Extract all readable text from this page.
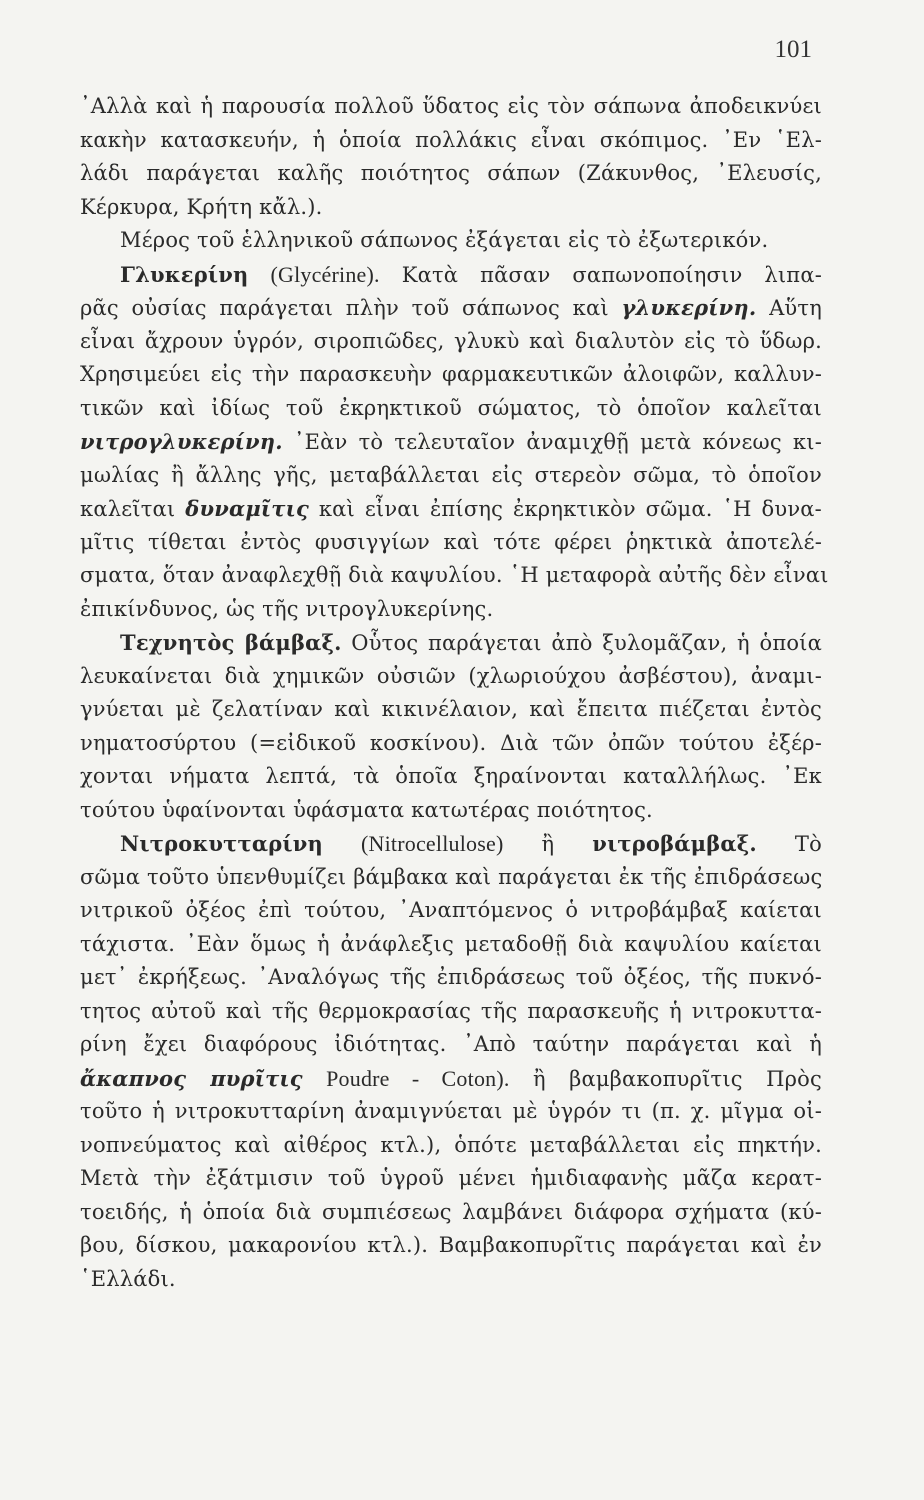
101
᾿Αλλὰ καὶ ἡ παρουσία πολλοῦ ὕδατος εἰς τὸν σάπωνα ἀποδεικνύει
κακὴν κατασκευήν, ἡ ὁποία πολλάκις εἶναι σκόπιμος. ᾿Εν ῾Ελ-
λάδι παράγεται καλῆς ποιότητος σάπων (Ζάκυνθος, ᾿Ελευσίς,
Κέρκυρα, Κρήτη κἄλ.).
Μέρος τοῦ ἑλληνικοῦ σάπωνος ἐξάγεται εἰς τὸ ἐξωτερικόν.
Γλυκερίνη (Glycérine). Κατὰ πᾶσαν σαπωνοποίησιν λιπα-
ρᾶς οὐσίας παράγεται πλὴν τοῦ σάπωνος καὶ γλυκερίνη. Αὕτη
εἶναι ἄχρουν ὑγρόν, σιροπιῶδες, γλυκὺ καὶ διαλυτὸν εἰς τὸ ὕδωρ.
Χρησιμεύει εἰς τὴν παρασκευὴν φαρμακευτικῶν ἀλοιφῶν, καλλυν-
τικῶν καὶ ἰδίως τοῦ ἐκρηκτικοῦ σώματος, τὸ ὁποῖον καλεῖται
νιτρογλυκερίνη. ᾿Εὰν τὸ τελευταῖον ἀναμιχθῇ μετὰ κόνεως κι-
μωλίας ἢ ἄλλης γῆς, μεταβάλλεται εἰς στερεὸν σῶμα, τὸ ὁποῖον
καλεῖται δυναμῖτις καὶ εἶναι ἐπίσης ἐκρηκτικὸν σῶμα. ῾Η δυνα-
μῖτις τίθεται ἐντὸς φυσιγγίων καὶ τότε φέρει ῥηκτικὰ ἀποτελέ-
σματα, ὅταν ἀναφλεχθῇ διὰ καψυλίου. ῾Η μεταφορὰ αὐτῆς δὲν εἶναι
ἐπικίνδυνος, ὡς τῆς νιτρογλυκερίνης.
Τεχνητὸς βάμβαξ. Οὗτος παράγεται ἀπὸ ξυλομᾶζαν, ἡ ὁποία
λευκαίνεται διὰ χημικῶν οὐσιῶν (χλωριούχου ἀσβέστου), ἀναμι-
γνύεται μὲ ζελατίναν καὶ κικινέλαιον, καὶ ἔπειτα πιέζεται ἐντὸς
νηματοσύρτου (=εἰδικοῦ κοσκίνου). Διὰ τῶν ὀπῶν τούτου ἐξέρ-
χονται νήματα λεπτά, τὰ ὁποῖα ξηραίνονται καταλλήλως. ᾿Εκ
τούτου ὑφαίνονται ὑφάσματα κατωτέρας ποιότητος.
Νιτροκυτταρίνη (Nitrocellulose) ἢ νιτροβάμβαξ. Τὸ
σῶμα τοῦτο ὑπενθυμίζει βάμβακα καὶ παράγεται ἐκ τῆς ἐπιδράσεως
νιτρικοῦ ὀξέος ἐπὶ τούτου, ᾿Αναπτόμενος ὁ νιτροβάμβαξ καίεται
τάχιστα. ᾿Εὰν ὅμως ἡ ἀνάφλεξις μεταδοθῇ διὰ καψυλίου καίεται
μετ᾿ ἐκρήξεως. ᾿Αναλόγως τῆς ἐπιδράσεως τοῦ ὀξέος, τῆς πυκνό-
τητος αὐτοῦ καὶ τῆς θερμοκρασίας τῆς παρασκευῆς ἡ νιτροκυττα-
ρίνη ἔχει διαφόρους ἰδιότητας. ᾿Απὸ ταύτην παράγεται καὶ ἡ
ἄκαπνος πυρῖτις Poudre - Coton). ἢ βαμβακοπυρῖτις Πρὸς
τοῦτο ἡ νιτροκυτταρίνη ἀναμιγνύεται μὲ ὑγρόν τι (π. χ. μῖγμα οἰ-
νοπνεύματος καὶ αἰθέρος κτλ.), ὁπότε μεταβάλλεται εἰς πηκτήν.
Μετὰ τὴν ἐξάτμισιν τοῦ ὑγροῦ μένει ἡμιδιαφανὴς μᾶζα κερατ-
τοειδής, ἡ ὁποία διὰ συμπιέσεως λαμβάνει διάφορα σχήματα (κύ-
βου, δίσκου, μακαρονίου κτλ.). Βαμβακοπυρῖτις παράγεται καὶ ἐν
῾Ελλάδι.
